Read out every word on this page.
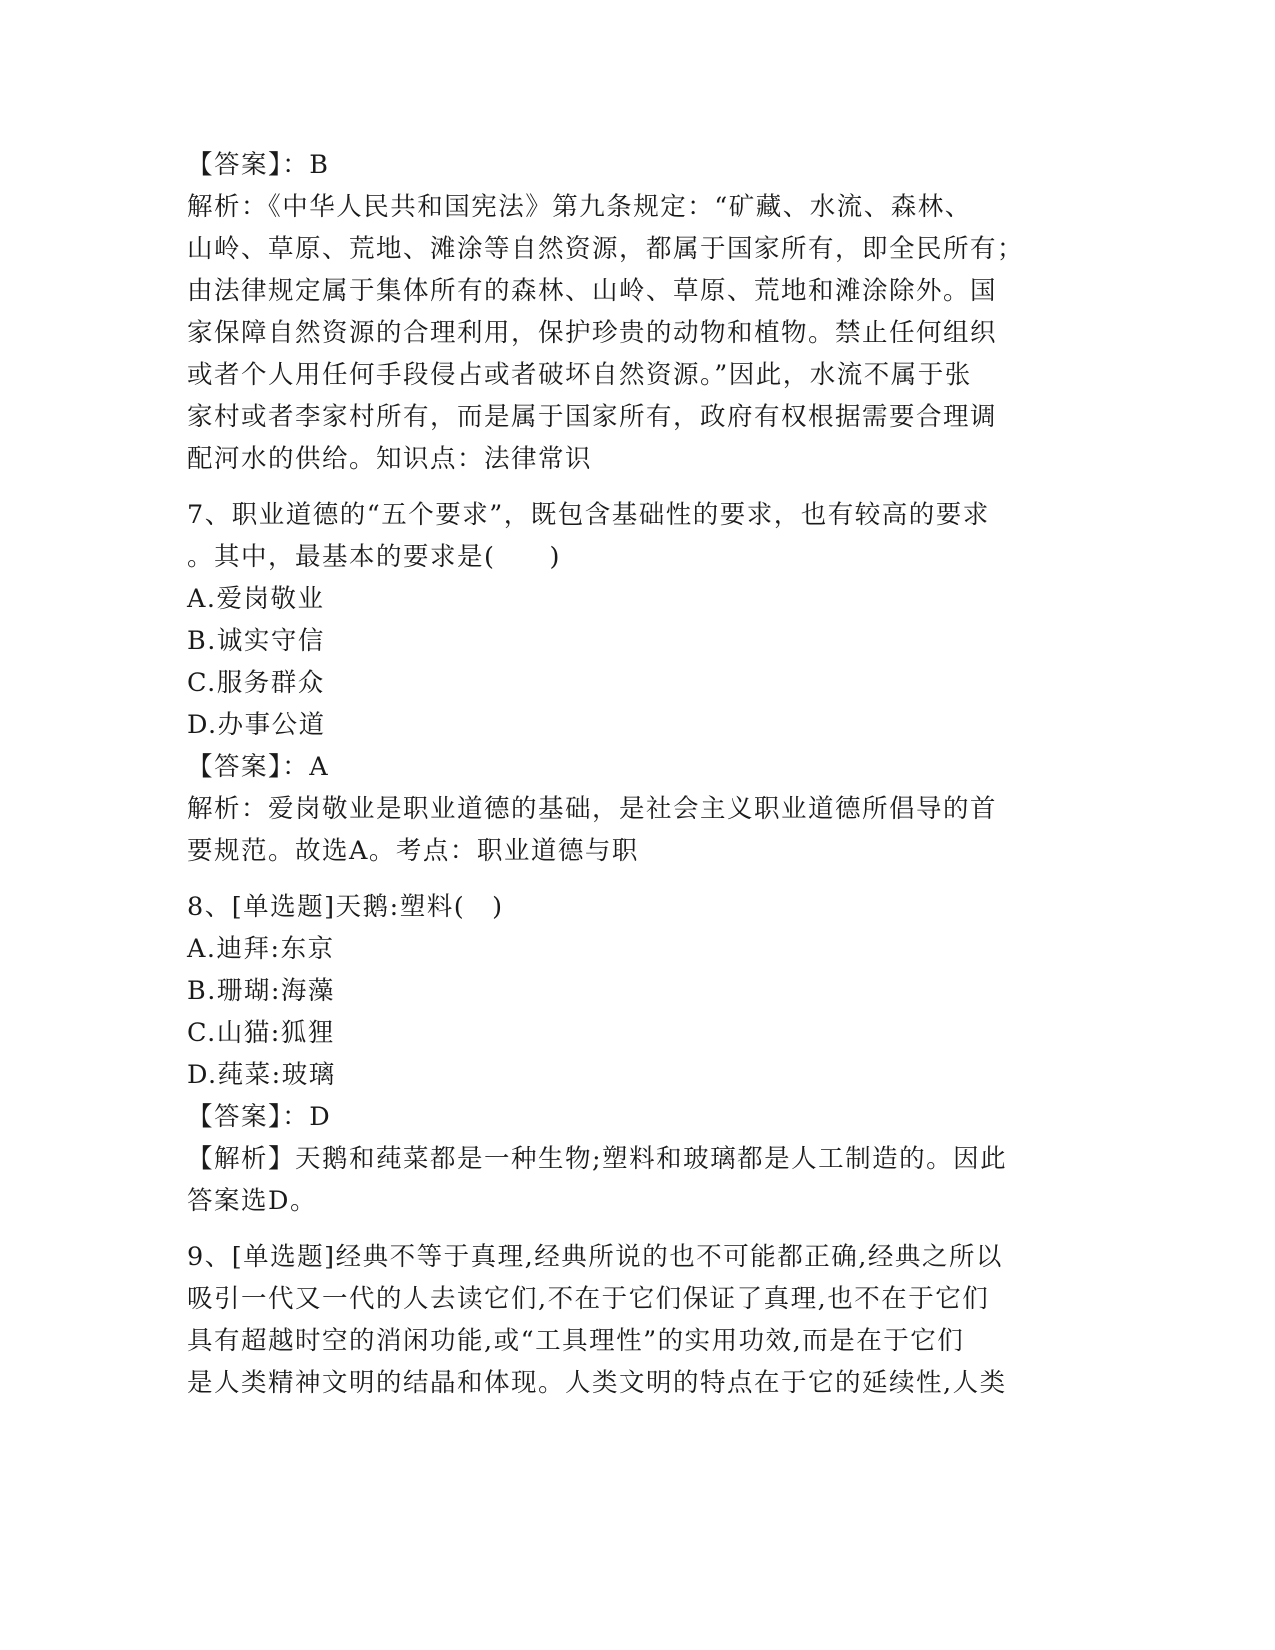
【答案】：B
解析：《中华人民共和国宪法》第九条规定：“矿藏、水流、森林、
山岭、草原、荒地、滩涂等自然资源，都属于国家所有，即全民所有；
由法律规定属于集体所有的森林、山岭、草原、荒地和滩涂除外。国
家保障自然资源的合理利用，保护珍贵的动物和植物。禁止任何组织
或者个人用任何手段侵占或者破坏自然资源。”因此，水流不属于张
家村或者李家村所有，而是属于国家所有，政府有权根据需要合理调
配河水的供给。知识点：法律常识
7、职业道德的“五个要求”，既包含基础性的要求，也有较高的要求
。其中，最基本的要求是(　　)
A.爱岗敬业
B.诚实守信
C.服务群众
D.办事公道
【答案】：A
解析：爱岗敬业是职业道德的基础，是社会主义职业道德所倡导的首
要规范。故选A。考点：职业道德与职
8、[单选题]天鹅:塑料(　)
A.迪拜:东京
B.珊瑚:海藻
C.山猫:狐狸
D.莼菜:玻璃
【答案】：D
【解析】天鹅和莼菜都是一种生物;塑料和玻璃都是人工制造的。因此
答案选D。
9、[单选题]经典不等于真理,经典所说的也不可能都正确,经典之所以
吸引一代又一代的人去读它们,不在于它们保证了真理,也不在于它们
具有超越时空的消闲功能,或“工具理性”的实用功效,而是在于它们
是人类精神文明的结晶和体现。人类文明的特点在于它的延续性,人类
